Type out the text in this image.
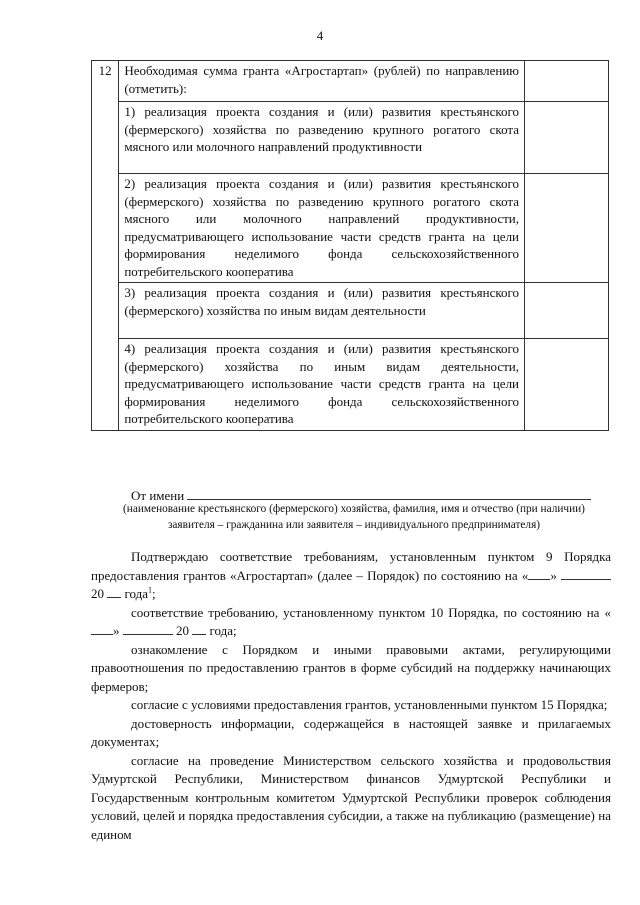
4
12	Необходимая сумма гранта «Агростартап» (рублей) по направлению (отметить):	
	1) реализация проекта создания и (или) развития крестьянского (фермерского) хозяйства по разведению крупного рогатого скота мясного или молочного направлений продуктивности	
	2) реализация проекта создания и (или) развития крестьянского (фермерского) хозяйства по разведению крупного рогатого скота мясного или молочного направлений продуктивности, предусматривающего использование части средств гранта на цели формирования неделимого фонда сельскохозяйственного потребительского кооператива	
	3) реализация проекта создания и (или) развития крестьянского (фермерского) хозяйства по иным видам деятельности	
	4) реализация проекта создания и (или) развития крестьянского (фермерского) хозяйства по иным видам деятельности, предусматривающего использование части средств гранта на цели формирования неделимого фонда сельскохозяйственного потребительского кооператива	
От имени
(наименование крестьянского (фермерского) хозяйства, фамилия, имя и отчество (при наличии) заявителя – гражданина или заявителя – индивидуального предпринимателя)

Подтверждаю соответствие требованиям, установленным пунктом 9 Порядка предоставления грантов «Агростартап» (далее – Порядок) по состоянию на « »  20  года$^1$;

соответствие требованию, установленному пунктом 10 Порядка, по состоянию на «»	20  года;

ознакомление с Порядком и иными правовыми актами, регулирующими правоотношения по предоставлению грантов в форме субсидий на поддержку начинающих фермеров;

согласие с условиями предоставления грантов, установленными пунктом 15 Порядка;

достоверность информации, содержащейся в настоящей заявке и прилагаемых документах;

согласие на проведение Министерством сельского хозяйства и продовольствия Удмуртской Республики, Министерством финансов Удмуртской Республики и Государственным контрольным комитетом Удмуртской Республики проверок соблюдения условий, целей и порядка предоставления субсидии, а также на публикацию (размещение) на едином
